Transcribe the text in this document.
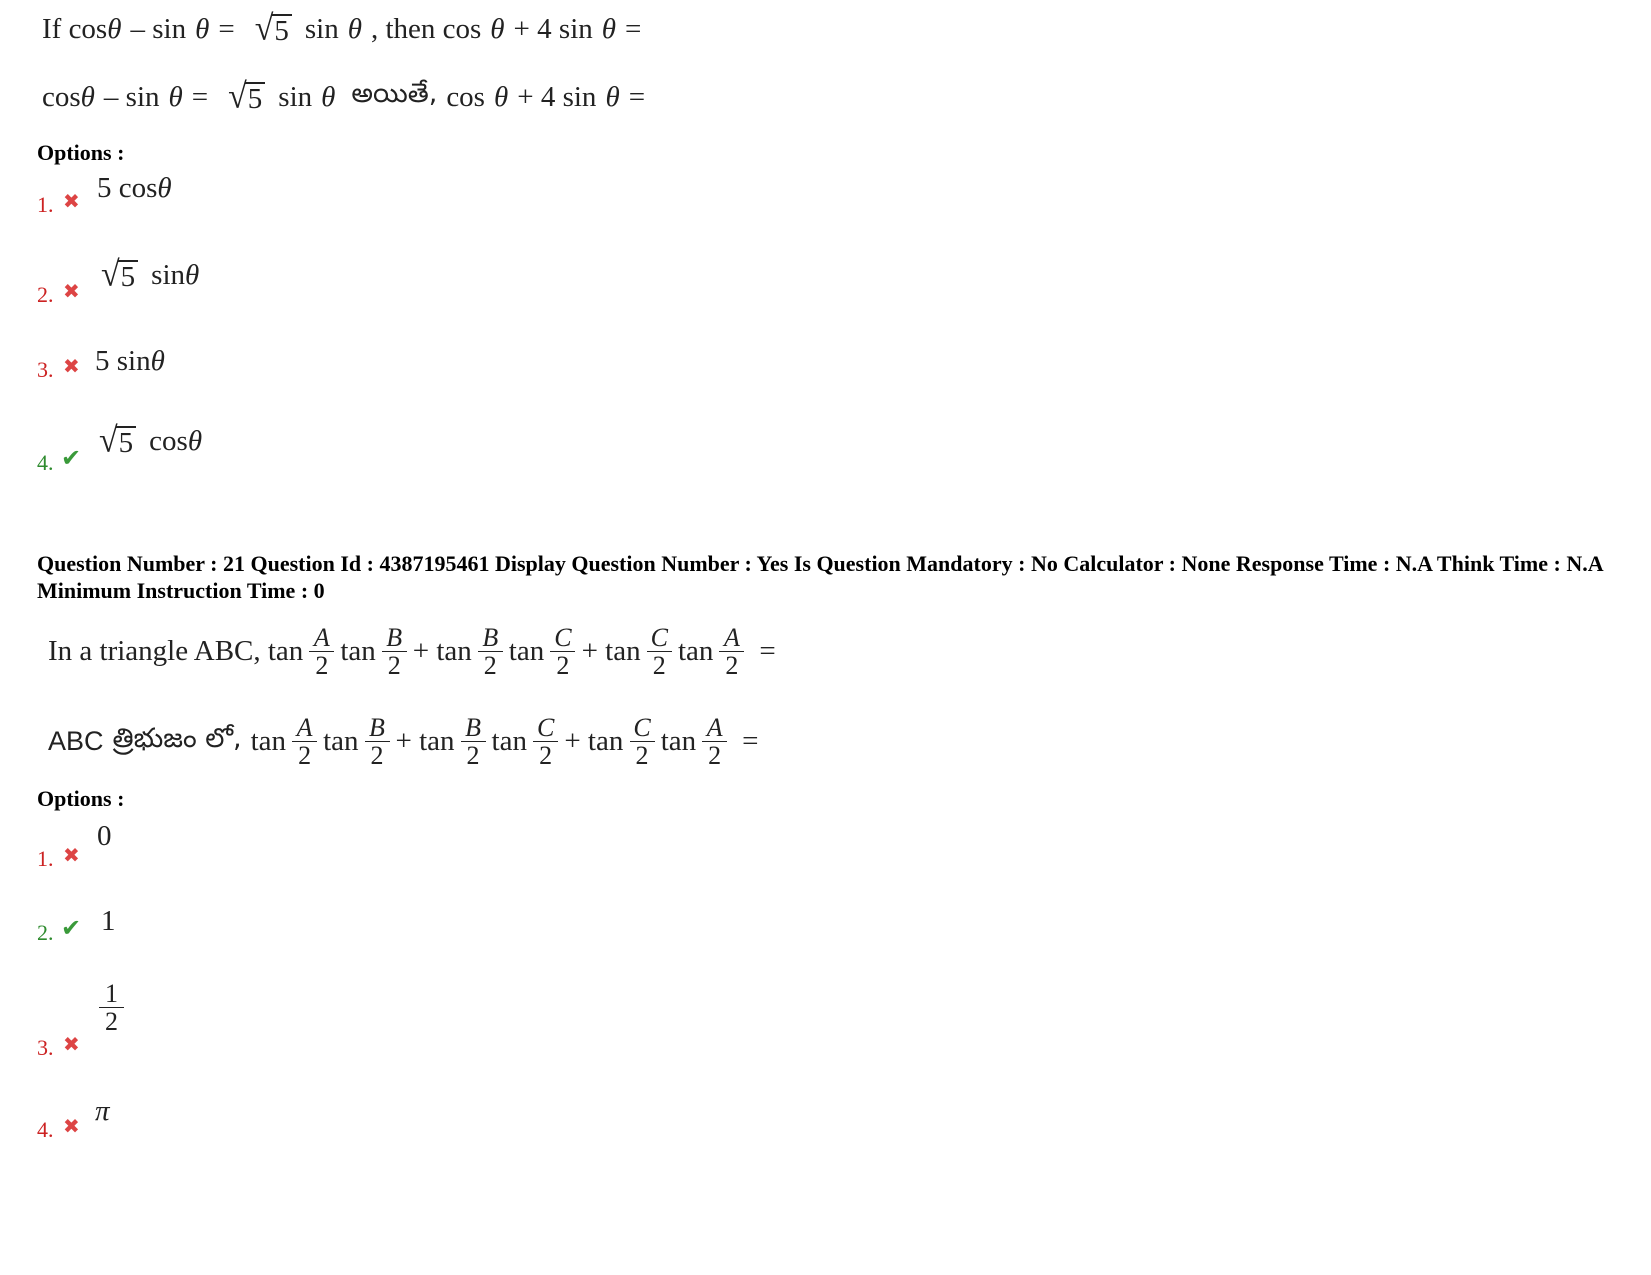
If cos θ – sin θ = √ 5 sin θ , then cos θ + 4 sin θ =
cos θ – sin θ = √ 5 sin θ అయితే, cos θ + 4 sin θ =
Options :
1. ✖ 5 cos θ
2. ✖ √ 5 sin θ
3. ✖ 5 sin θ
4. ✔ √ 5 cos θ
Question Number : 21 Question Id : 4387195461 Display Question Number : Yes Is Question Mandatory : No Calculator : None Response Time : N.A Think Time : N.A Minimum Instruction Time : 0
In a triangle ABC, $\tan \frac{A}{2}$ $\tan \frac{B}{2} + \tan \frac{B}{2}$ $\tan \frac{C}{2} + \tan \frac{C}{2}$ $\tan \frac{A}{2}$ =
ABC త్రిభుజం లో, $\tan \frac{A}{2}$ $\tan \frac{B}{2} + \tan \frac{B}{2}$ $\tan \frac{C}{2} + \tan \frac{C}{2}$ $\tan \frac{A}{2}$ =
Options :
1. ✖
0
2. ✔ 1
3. ✖
$\frac{1}{2}$
4. ✖ π
